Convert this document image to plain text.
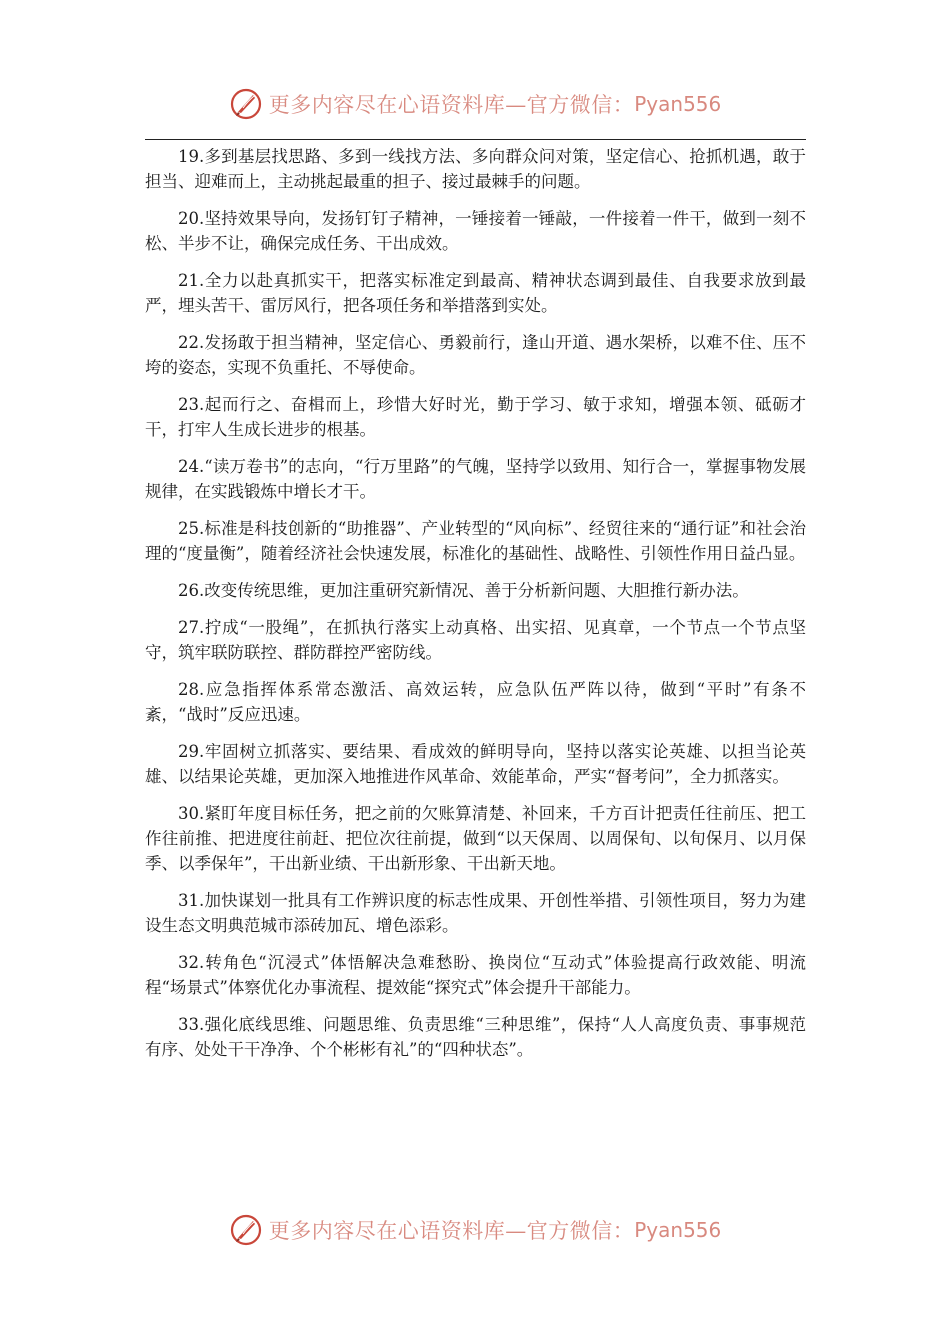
更多内容尽在心语资料库—官方微信： Pyan556

19.多到基层找思路、多到一线找方法、多向群众问对策，坚定信心、抢抓机遇，敢于担当、迎难而上，主动挑起最重的担子、接过最棘手的问题。

20.坚持效果导向，发扬钉钉子精神，一锤接着一锤敲，一件接着一件干，做到一刻不松、半步不让，确保完成任务、干出成效。

21.全力以赴真抓实干，把落实标准定到最高、精神状态调到最佳、自我要求放到最严，埋头苦干、雷厉风行，把各项任务和举措落到实处。

22.发扬敢于担当精神，坚定信心、勇毅前行，逢山开道、遇水架桥，以难不住、压不垮的姿态，实现不负重托、不辱使命。

23.起而行之、奋楫而上，珍惜大好时光，勤于学习、敏于求知，增强本领、砥砺才干，打牢人生成长进步的根基。

24.“读万卷书”的志向，“行万里路”的气魄，坚持学以致用、知行合一，掌握事物发展规律，在实践锻炼中增长才干。

25.标准是科技创新的“助推器”、产业转型的“风向标”、经贸往来的“通行证”和社会治理的“度量衡”，随着经济社会快速发展，标准化的基础性、战略性、引领性作用日益凸显。

26.改变传统思维，更加注重研究新情况、善于分析新问题、大胆推行新办法。

27.拧成“一股绳”，在抓执行落实上动真格、出实招、见真章，一个节点一个节点坚守，筑牢联防联控、群防群控严密防线。

28.应急指挥体系常态激活、高效运转，应急队伍严阵以待，做到“平时”有条不紊，“战时”反应迅速。

29.牢固树立抓落实、要结果、看成效的鲜明导向，坚持以落实论英雄、以担当论英雄、以结果论英雄，更加深入地推进作风革命、效能革命，严实“督考问”，全力抓落实。

30.紧盯年度目标任务，把之前的欠账算清楚、补回来，千方百计把责任往前压、把工作往前推、把进度往前赶、把位次往前提，做到“以天保周、以周保旬、以旬保月、以月保季、以季保年”，干出新业绩、干出新形象、干出新天地。

31.加快谋划一批具有工作辨识度的标志性成果、开创性举措、引领性项目，努力为建设生态文明典范城市添砖加瓦、增色添彩。

32.转角色“沉浸式”体悟解决急难愁盼、换岗位“互动式”体验提高行政效能、明流程“场景式”体察优化办事流程、提效能“探究式”体会提升干部能力。

33.强化底线思维、问题思维、负责思维“三种思维”，保持“人人高度负责、事事规范有序、处处干干净净、个个彬彬有礼”的“四种状态”。

更多内容尽在心语资料库—官方微信： Pyan556
